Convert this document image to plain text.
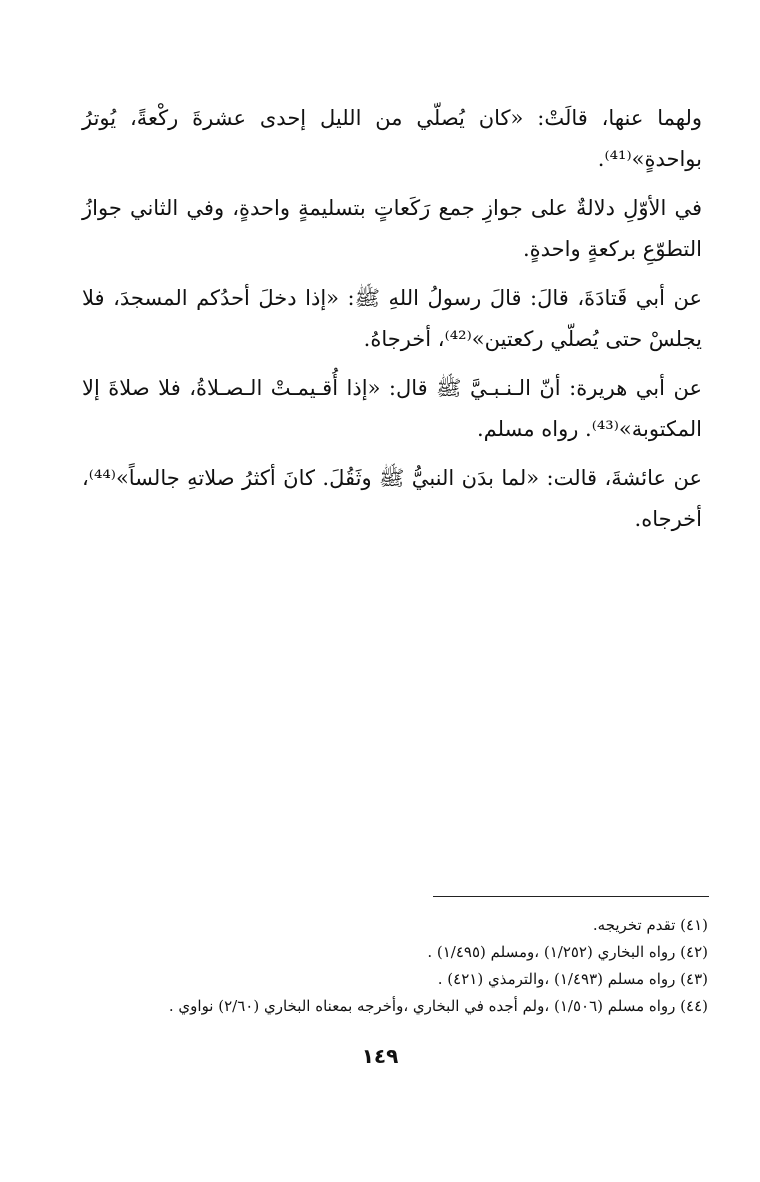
ولهما عنها، قالَتْ: «كان يُصلّي من الليل إحدى عشرةَ ركْعةً، يُوترُ بواحدةٍ»⁽⁴¹⁾.

في الأوّلِ دلالةٌ على جوازِ جمع رَكَعاتٍ بتسليمةٍ واحدةٍ، وفي الثاني جوازُ التطوّعِ بركعةٍ واحدةٍ.

عن أبي قَتادَةَ، قالَ: قالَ رسولُ اللهِ ﷺ: «إذا دخلَ أحدُكم المسجدَ، فلا يجلسْ حتى يُصلّي ركعتين»⁽⁴²⁾، أخرجاهُ.

عن أبي هريرة: أنّ الـنـبـيَّ ﷺ قال: «إذا أُقـيمـتْ الـصـلاةُ، فلا صلاةَ إلا المكتوبة»⁽⁴³⁾. رواه مسلم.

عن عائشةَ، قالت: «لما بدَن النبيُّ ﷺ وثَقُلَ. كانَ أكثرُ صلاتهِ جالساً»⁽⁴⁴⁾، أخرجاه.

(٤١) تقدم تخريجه.

(٤٢) رواه البخاري (١/٢٥٢) ،ومسلم (١/٤٩٥) .

(٤٣) رواه مسلم (١/٤٩٣) ،والترمذي (٤٢١) .

(٤٤) رواه مسلم (١/٥٠٦) ،ولم أجده في البخاري ،وأخرجه بمعناه البخاري (٢/٦٠) نواوي .

١٤٩
